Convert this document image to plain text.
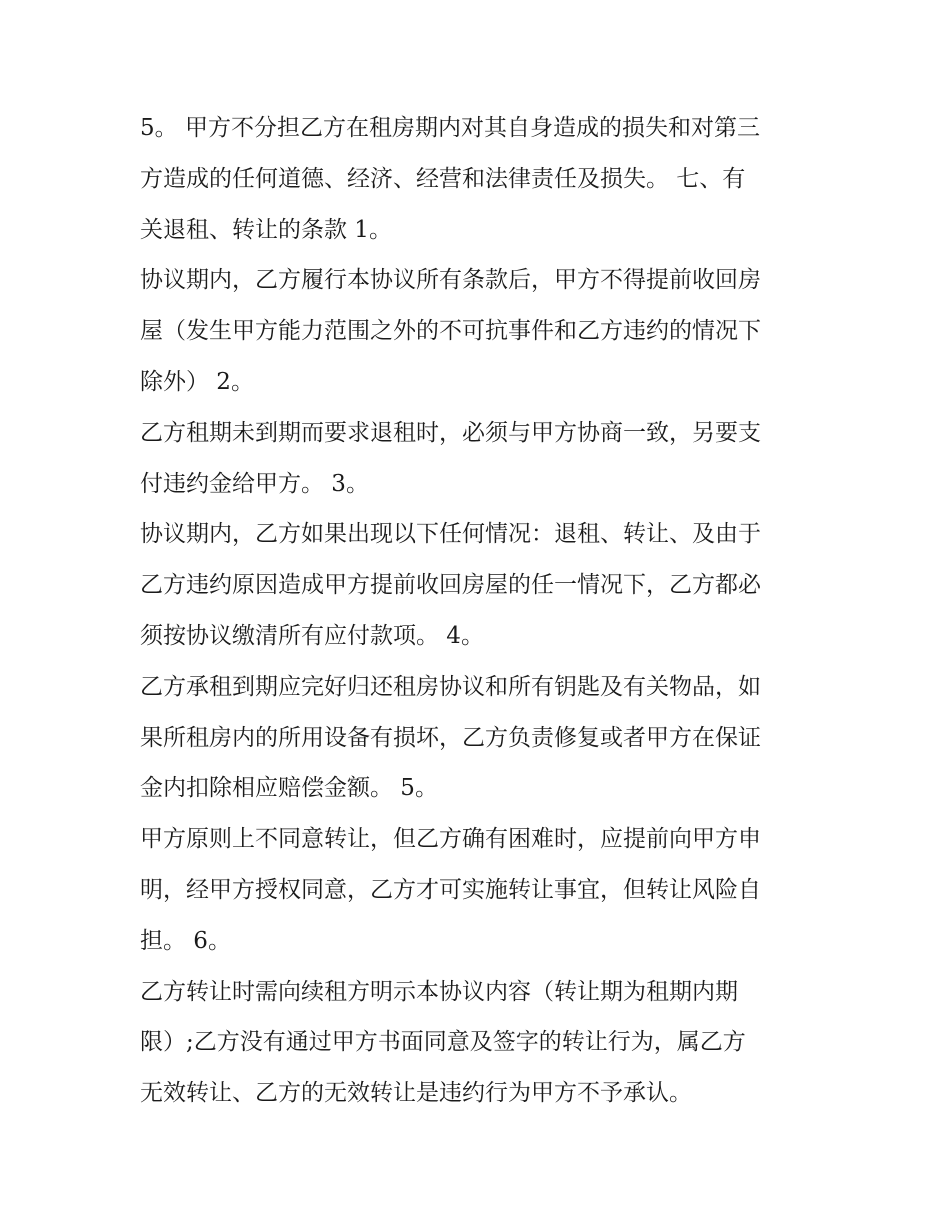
5。 甲方不分担乙方在租房期内对其自身造成的损失和对第三
方造成的任何道德、经济、经营和法律责任及损失。 七、有
关退租、转让的条款 1。
协议期内，乙方履行本协议所有条款后，甲方不得提前收回房
屋（发生甲方能力范围之外的不可抗事件和乙方违约的情况下
除外） 2。
乙方租期未到期而要求退租时，必须与甲方协商一致，另要支
付违约金给甲方。 3。
协议期内，乙方如果出现以下任何情况：退租、转让、及由于
乙方违约原因造成甲方提前收回房屋的任一情况下，乙方都必
须按协议缴清所有应付款项。 4。
乙方承租到期应完好归还租房协议和所有钥匙及有关物品，如
果所租房内的所用设备有损坏，乙方负责修复或者甲方在保证
金内扣除相应赔偿金额。 5。
甲方原则上不同意转让，但乙方确有困难时，应提前向甲方申
明，经甲方授权同意，乙方才可实施转让事宜，但转让风险自
担。 6。
乙方转让时需向续租方明示本协议内容（转让期为租期内期
限）;乙方没有通过甲方书面同意及签字的转让行为，属乙方
无效转让、乙方的无效转让是违约行为甲方不予承认。
